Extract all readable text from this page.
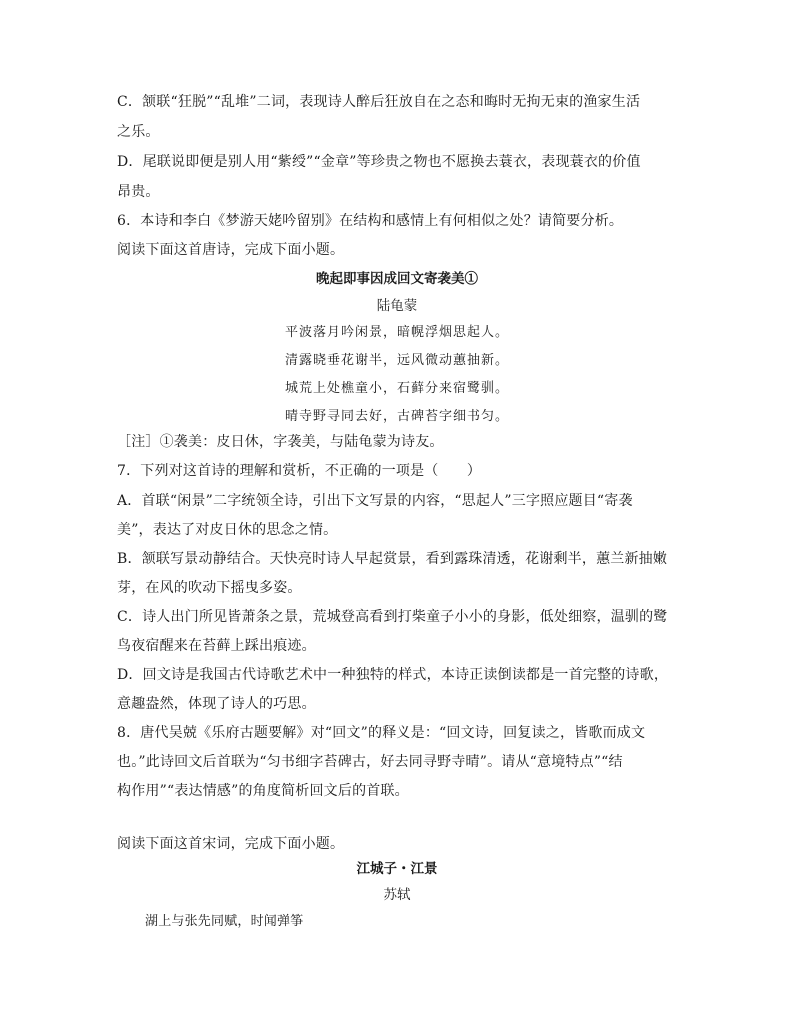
C．颔联“狂脱”“乱堆”二词，表现诗人醉后狂放自在之态和晦时无拘无束的渔家生活
之乐。
D．尾联说即便是别人用“紫绶”“金章”等珍贵之物也不愿换去蓑衣，表现蓑衣的价值
昂贵。
6．本诗和李白《梦游天姥吟留别》在结构和感情上有何相似之处？请简要分析。
阅读下面这首唐诗，完成下面小题。
晚起即事因成回文寄袭美①
陆龟蒙
平波落月吟闲景，暗幌浮烟思起人。
清露晓垂花谢半，远风微动蕙抽新。
城荒上处樵童小，石藓分来宿鹭驯。
晴寺野寻同去好，古碑苔字细书匀。
［注］①袭美：皮日休，字袭美，与陆龟蒙为诗友。
7．下列对这首诗的理解和赏析，不正确的一项是（　　）
A．首联“闲景”二字统领全诗，引出下文写景的内容，“思起人”三字照应题目“寄袭
美”，表达了对皮日休的思念之情。
B．颔联写景动静结合。天快亮时诗人早起赏景，看到露珠清透，花谢剩半，蕙兰新抽嫩
芽，在风的吹动下摇曳多姿。
C．诗人出门所见皆萧条之景，荒城登高看到打柴童子小小的身影，低处细察，温驯的鹭
鸟夜宿醒来在苔藓上踩出痕迹。
D．回文诗是我国古代诗歌艺术中一种独特的样式，本诗正读倒读都是一首完整的诗歌，
意趣盎然，体现了诗人的巧思。
8．唐代吴兢《乐府古题要解》对“回文”的释义是：“回文诗，回复读之，皆歌而成文
也。”此诗回文后首联为“匀书细字苔碑古，好去同寻野寺晴”。请从“意境特点”“结
构作用”“表达情感”的角度简析回文后的首联。
阅读下面这首宋词，完成下面小题。
江城子・江景
苏轼
湖上与张先同赋，时闻弹筝
